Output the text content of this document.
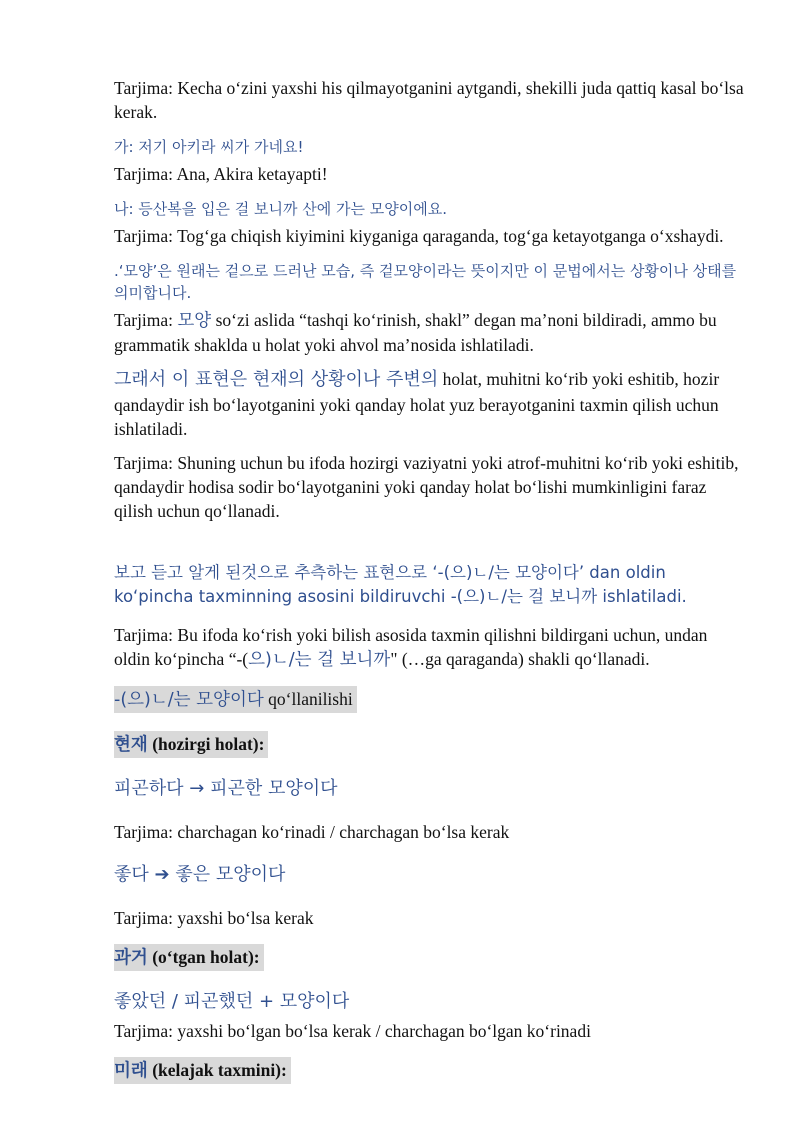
Tarjima: Kecha o‘zini yaxshi his qilmayotganini aytgandi, shekilli juda qattiq kasal bo‘lsa kerak.

가: 저기 아키라 씨가 가네요!

Tarjima: Ana, Akira ketayapti!

나: 등산복을 입은 걸 보니까 산에 가는 모양이에요.

Tarjima: Tog‘ga chiqish kiyimini kiyganiga qaraganda, tog‘ga ketayotganga o‘xshaydi.

.‘모양’은 원래는 겉으로 드러난 모습, 즉 겉모양이라는 뜻이지만 이 문법에서는 상황이나 상태를 의미합니다.

Tarjima: 모양 so‘zi aslida “tashqi ko‘rinish, shakl” degan ma’noni bildiradi, ammo bu grammatik shaklda u holat yoki ahvol ma’nosida ishlatiladi.

그래서 이 표현은 현재의 상황이나 주변의 holat, muhitni ko‘rib yoki eshitib, hozir qandaydir ish bo‘layotganini yoki qanday holat yuz berayotganini taxmin qilish uchun ishlatiladi.

Tarjima: Shuning uchun bu ifoda hozirgi vaziyatni yoki atrof-muhitni ko‘rib yoki eshitib, qandaydir hodisa sodir bo‘layotganini yoki qanday holat bo‘lishi mumkinligini faraz qilish uchun qo‘llanadi.

보고 듣고 알게 된것으로 추측하는 표현으로 ‘-(으)ㄴ/는 모양이다’ dan oldin ko‘pincha taxminning asosini bildiruvchi -(으)ㄴ/는 걸 보니까 ishlatiladi.

Tarjima: Bu ifoda ko‘rish yoki bilish asosida taxmin qilishni bildirgani uchun, undan oldin ko‘pincha “-(으)ㄴ/는 걸 보니까" (…ga qaraganda) shakli qo‘llanadi.

-(으)ㄴ/는 모양이다 qo‘llanilishi

현재 (hozirgi holat):

피곤하다 → 피곤한 모양이다

Tarjima: charchagan ko‘rinadi / charchagan bo‘lsa kerak

좋다 ➔ 좋은 모양이다

Tarjima: yaxshi bo‘lsa kerak

과거 (o‘tgan holat):

좋았던 / 피곤했던 + 모양이다

Tarjima: yaxshi bo‘lgan bo‘lsa kerak / charchagan bo‘lgan ko‘rinadi

미래 (kelajak taxmini):
